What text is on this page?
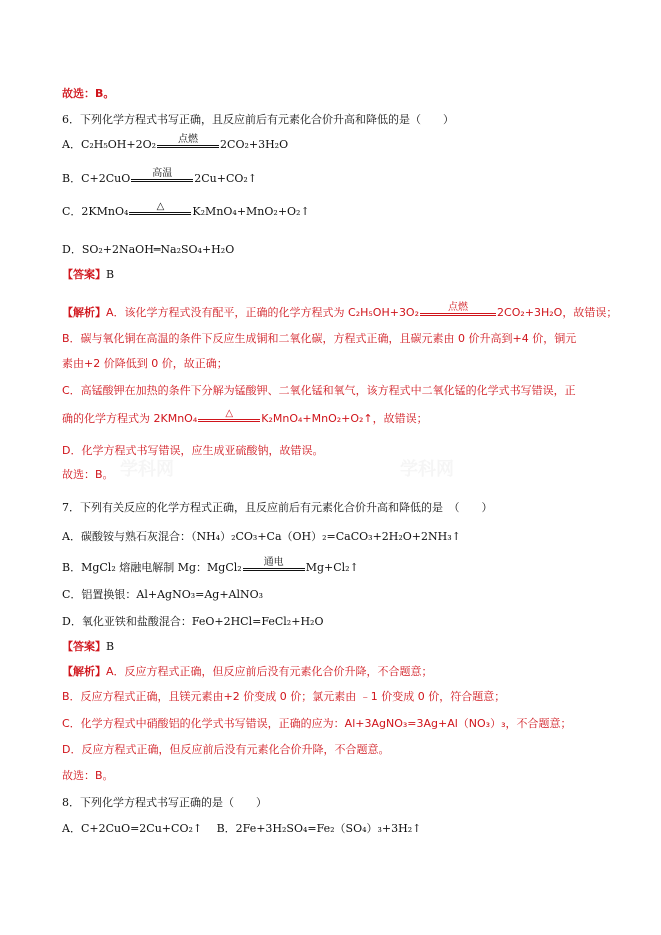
学科网	学科网
故选：B。
6．下列化学方程式书写正确，且反应前后有元素化合价升高和降低的是（　　）
A．C₂H₅OH+2O₂	点燃	2CO₂+3H₂O
B．C+2CuO	高温	2Cu+CO₂↑
C．2KMnO₄	△	K₂MnO₄+MnO₂+O₂↑
D．SO₂+2NaOH═Na₂SO₄+H₂O
【答案】B
【解析】A．该化学方程式没有配平，正确的化学方程式为 C₂H₅OH+3O₂	点燃	2CO₂+3H₂O，故错误；
B．碳与氧化铜在高温的条件下反应生成铜和二氧化碳，方程式正确，且碳元素由 0 价升高到+4 价，铜元
素由+2 价降低到 0 价，故正确；
C．高锰酸钾在加热的条件下分解为锰酸钾、二氧化锰和氧气，该方程式中二氧化锰的化学式书写错误，正
确的化学方程式为 2KMnO₄	△	K₂MnO₄+MnO₂+O₂↑，故错误；
D．化学方程式书写错误，应生成亚硫酸钠，故错误。
故选：B。
7．下列有关反应的化学方程式正确，且反应前后有元素化合价升高和降低的是　（　　）
A．碳酸铵与熟石灰混合：（NH₄）₂CO₃+Ca（OH）₂=CaCO₃+2H₂O+2NH₃↑
B．MgCl₂ 熔融电解制 Mg：MgCl₂	通电	Mg+Cl₂↑
C．铝置换银：Al+AgNO₃=Ag+AlNO₃
D．氧化亚铁和盐酸混合：FeO+2HCl=FeCl₂+H₂O
【答案】B
【解析】A．反应方程式正确，但反应前后没有元素化合价升降，不合题意；
B．反应方程式正确，且镁元素由+2 价变成 0 价；氯元素由 ﹣1 价变成 0 价，符合题意；
C．化学方程式中硝酸铝的化学式书写错误，正确的应为：Al+3AgNO₃=3Ag+Al（NO₃）₃，不合题意；
D．反应方程式正确，但反应前后没有元素化合价升降，不合题意。
故选：B。
8．下列化学方程式书写正确的是（　　）
A．C+2CuO=2Cu+CO₂↑　 B．2Fe+3H₂SO₄=Fe₂（SO₄）₃+3H₂↑
